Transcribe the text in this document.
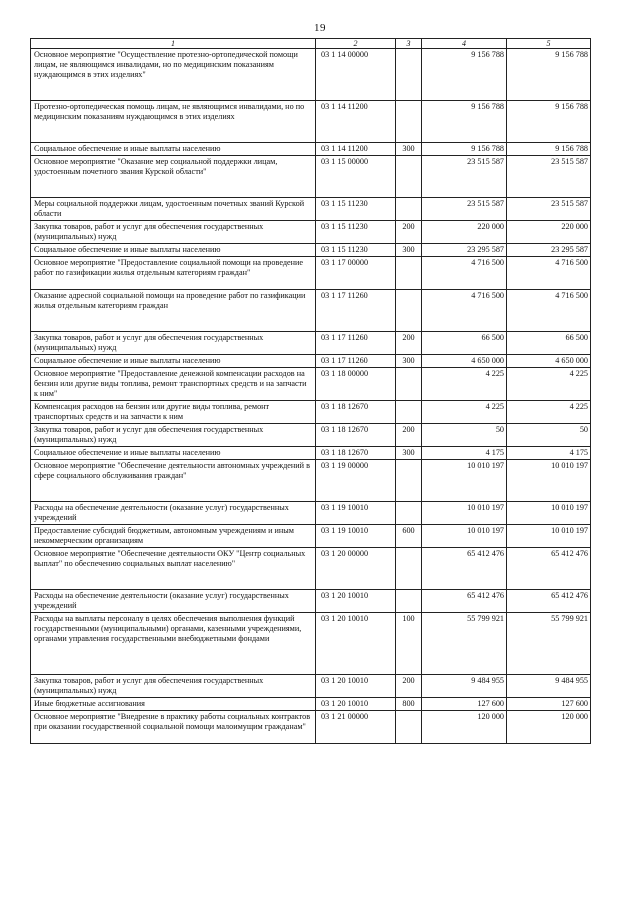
19
1	2	3	4	5
Основное мероприятие "Осуществление протезно-ортопедической помощи лицам, не являющимся инвалидами, но по медицинским показаниям нуждающимся в этих изделиях"	03 1 14 00000		9 156 788	9 156 788
Протезно-ортопедическая помощь лицам, не являющимся инвалидами, но по медицинским показаниям нуждающимся в этих изделиях	03 1 14 11200		9 156 788	9 156 788
Социальное обеспечение и иные выплаты населению	03 1 14 11200	300	9 156 788	9 156 788
Основное мероприятие "Оказание мер социальной поддержки лицам, удостоенным почетного звания Курской области"	03 1 15 00000		23 515 587	23 515 587
Меры социальной поддержки лицам, удостоенным почетных званий Курской области	03 1 15 11230		23 515 587	23 515 587
Закупка товаров, работ и услуг для обеспечения государственных (муниципальных) нужд	03 1 15 11230	200	220 000	220 000
Социальное обеспечение и иные выплаты населению	03 1 15 11230	300	23 295 587	23 295 587
Основное мероприятие "Предоставление социальной помощи на проведение работ по газификации жилья отдельным категориям граждан"	03 1 17 00000		4 716 500	4 716 500
Оказание адресной социальной помощи на проведение работ по газификации жилья отдельным категориям граждан	03 1 17 11260		4 716 500	4 716 500
Закупка товаров, работ и услуг для обеспечения государственных (муниципальных) нужд	03 1 17 11260	200	66 500	66 500
Социальное обеспечение и иные выплаты населению	03 1 17 11260	300	4 650 000	4 650 000
Основное мероприятие "Предоставление денежной компенсации расходов на бензин или другие виды топлива, ремонт транспортных средств и на запчасти к ним"	03 1 18 00000		4 225	4 225
Компенсация расходов на бензин или другие виды топлива, ремонт транспортных средств и на запчасти к ним	03 1 18 12670		4 225	4 225
Закупка товаров, работ и услуг для обеспечения государственных (муниципальных) нужд	03 1 18 12670	200	50	50
Социальное обеспечение и иные выплаты населению	03 1 18 12670	300	4 175	4 175
Основное мероприятие "Обеспечение деятельности автономных учреждений в сфере социального обслуживания граждан"	03 1 19 00000		10 010 197	10 010 197
Расходы на обеспечение деятельности (оказание услуг) государственных учреждений	03 1 19 10010		10 010 197	10 010 197
Предоставление субсидий бюджетным, автономным учреждениям и иным некоммерческим организациям	03 1 19 10010	600	10 010 197	10 010 197
Основное мероприятие "Обеспечение деятельности ОКУ "Центр социальных выплат" по обеспечению социальных выплат населению"	03 1 20 00000		65 412 476	65 412 476
Расходы на обеспечение деятельности (оказание услуг) государственных учреждений	03 1 20 10010		65 412 476	65 412 476
Расходы на выплаты персоналу в целях обеспечения выполнения функций государственными (муниципальными) органами, казенными учреждениями, органами управления государственными внебюджетными фондами	03 1 20 10010	100	55 799 921	55 799 921
Закупка товаров, работ и услуг для обеспечения государственных (муниципальных) нужд	03 1 20 10010	200	9 484 955	9 484 955
Иные бюджетные ассигнования	03 1 20 10010	800	127 600	127 600
Основное мероприятие "Внедрение в практику работы социальных контрактов при оказании государственной социальной помощи малоимущим гражданам"	03 1 21 00000		120 000	120 000
